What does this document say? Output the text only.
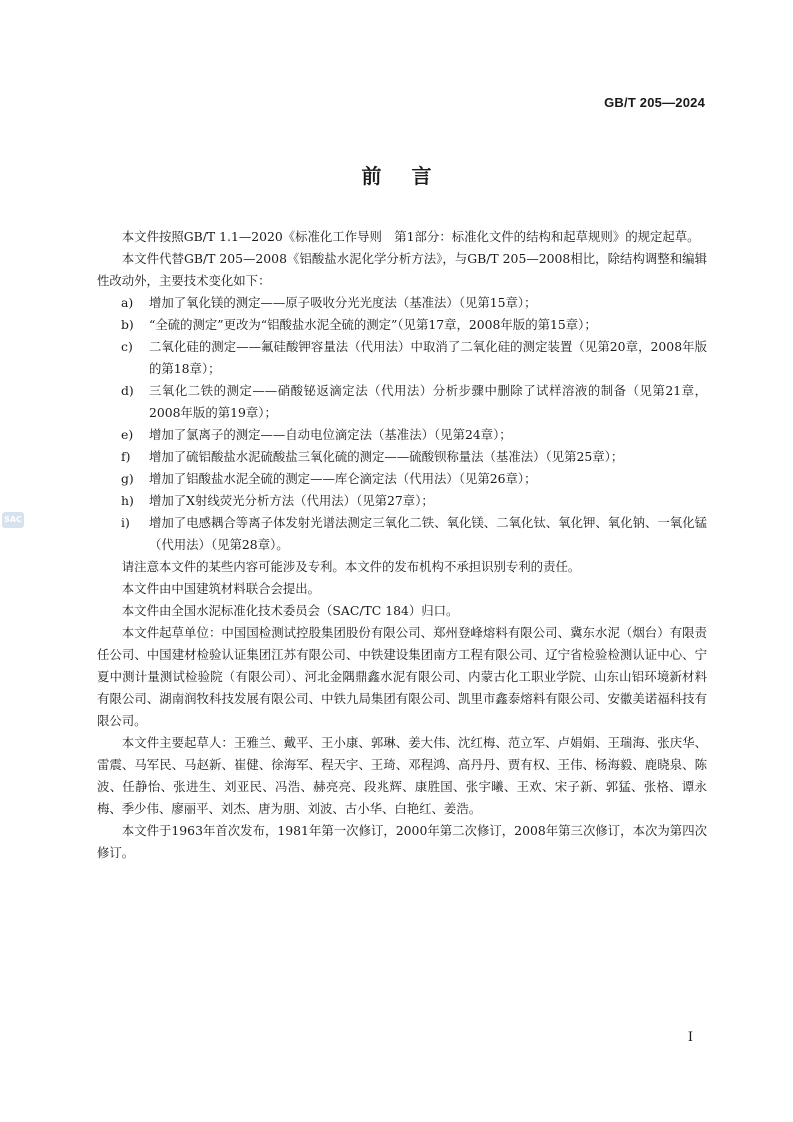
GB/T 205—2024
前言
SAC

本文件按照GB/T 1.1—2020《标准化工作导则　第1部分：标准化文件的结构和起草规则》的规定起草。

本文件代替GB/T 205—2008《铝酸盐水泥化学分析方法》，与GB/T 205—2008相比，除结构调整和编辑性改动外，主要技术变化如下：

a)	增加了氧化镁的测定——原子吸收分光光度法（基准法）（见第15章）；
b)	“全硫的测定”更改为“铝酸盐水泥全硫的测定”（见第17章，2008年版的第15章）；
c)	二氧化硅的测定——氟硅酸钾容量法（代用法）中取消了二氧化硅的测定装置（见第20章，2008年版的第18章）；
d)	三氧化二铁的测定——硝酸铋返滴定法（代用法）分析步骤中删除了试样溶液的制备（见第21章，2008年版的第19章）；
e)	增加了氯离子的测定——自动电位滴定法（基准法）（见第24章）；
f)	增加了硫铝酸盐水泥硫酸盐三氧化硫的测定——硫酸钡称量法（基准法）（见第25章）；
g)	增加了铝酸盐水泥全硫的测定——库仑滴定法（代用法）（见第26章）；
h)	增加了X射线荧光分析方法（代用法）（见第27章）；
i)	增加了电感耦合等离子体发射光谱法测定三氧化二铁、氧化镁、二氧化钛、氧化钾、氧化钠、一氧化锰（代用法）（见第28章）。

请注意本文件的某些内容可能涉及专利。本文件的发布机构不承担识别专利的责任。

本文件由中国建筑材料联合会提出。

本文件由全国水泥标准化技术委员会（SAC/TC 184）归口。

本文件起草单位：中国国检测试控股集团股份有限公司、郑州登峰熔料有限公司、冀东水泥（烟台）有限责任公司、中国建材检验认证集团江苏有限公司、中铁建设集团南方工程有限公司、辽宁省检验检测认证中心、宁夏中测计量测试检验院（有限公司）、河北金隅鼎鑫水泥有限公司、内蒙古化工职业学院、山东山铝环境新材料有限公司、湖南润牧科技发展有限公司、中铁九局集团有限公司、凯里市鑫泰熔料有限公司、安徽美诺福科技有限公司。

本文件主要起草人：王雅兰、戴平、王小康、郭琳、姜大伟、沈红梅、范立军、卢娟娟、王瑞海、张庆华、雷震、马军民、马赵新、崔健、徐海军、程天宇、王琦、邓程鸿、高丹丹、贾有权、王伟、杨海毅、鹿晓泉、陈波、任静怡、张进生、刘亚民、冯浩、赫亮亮、段兆辉、康胜国、张宇曦、王欢、宋子新、郭猛、张格、谭永梅、季少伟、廖丽平、刘杰、唐为朋、刘波、古小华、白艳红、姜浩。

本文件于1963年首次发布，1981年第一次修订，2000年第二次修订，2008年第三次修订，本次为第四次修订。

I
